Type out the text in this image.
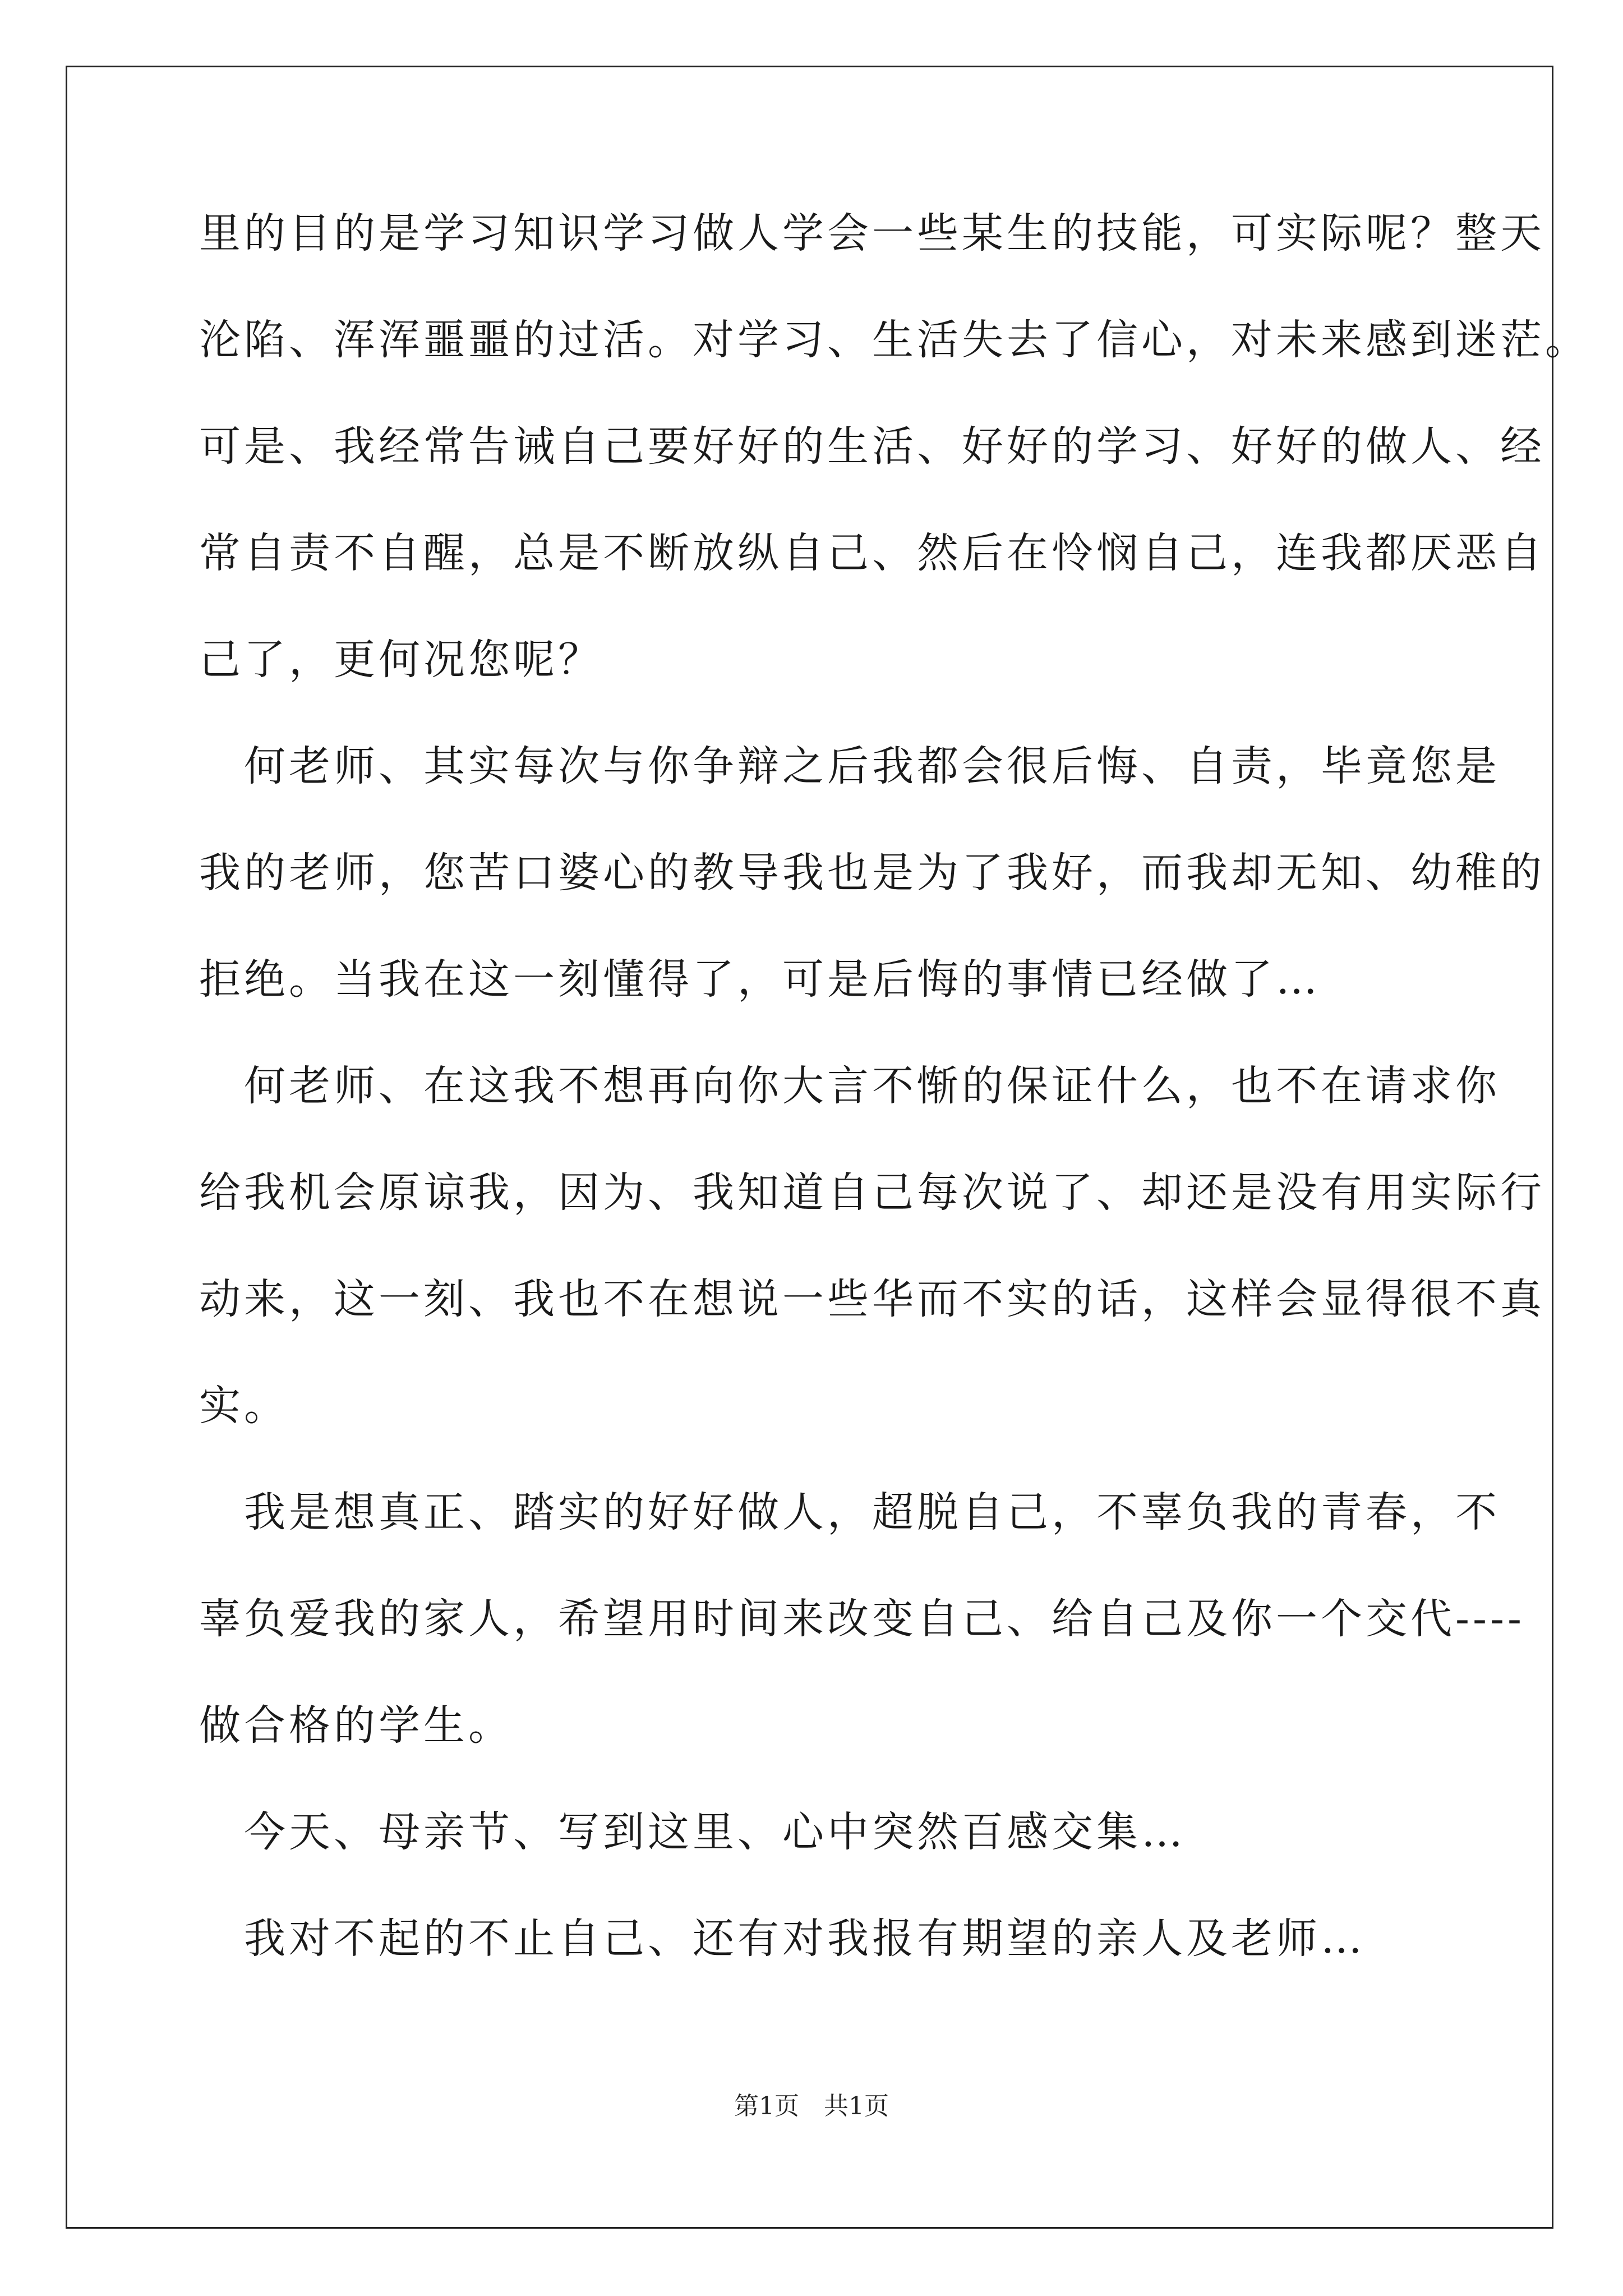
里的目的是学习知识学习做人学会一些某生的技能，可实际呢？整天
沦陷、浑浑噩噩的过活。对学习、生活失去了信心，对未来感到迷茫。
可是、我经常告诫自己要好好的生活、好好的学习、好好的做人、经
常自责不自醒，总是不断放纵自己、然后在怜悯自己，连我都厌恶自
己了，更何况您呢？
　何老师、其实每次与你争辩之后我都会很后悔、自责，毕竟您是
我的老师，您苦口婆心的教导我也是为了我好，而我却无知、幼稚的
拒绝。当我在这一刻懂得了，可是后悔的事情已经做了…
　何老师、在这我不想再向你大言不惭的保证什么，也不在请求你
给我机会原谅我，因为、我知道自己每次说了、却还是没有用实际行
动来，这一刻、我也不在想说一些华而不实的话，这样会显得很不真
实。
　我是想真正、踏实的好好做人，超脱自己，不辜负我的青春，不
辜负爱我的家人，希望用时间来改变自己、给自己及你一个交代----
做合格的学生。
　今天、母亲节、写到这里、心中突然百感交集…
　我对不起的不止自己、还有对我报有期望的亲人及老师…
第1页　共1页
